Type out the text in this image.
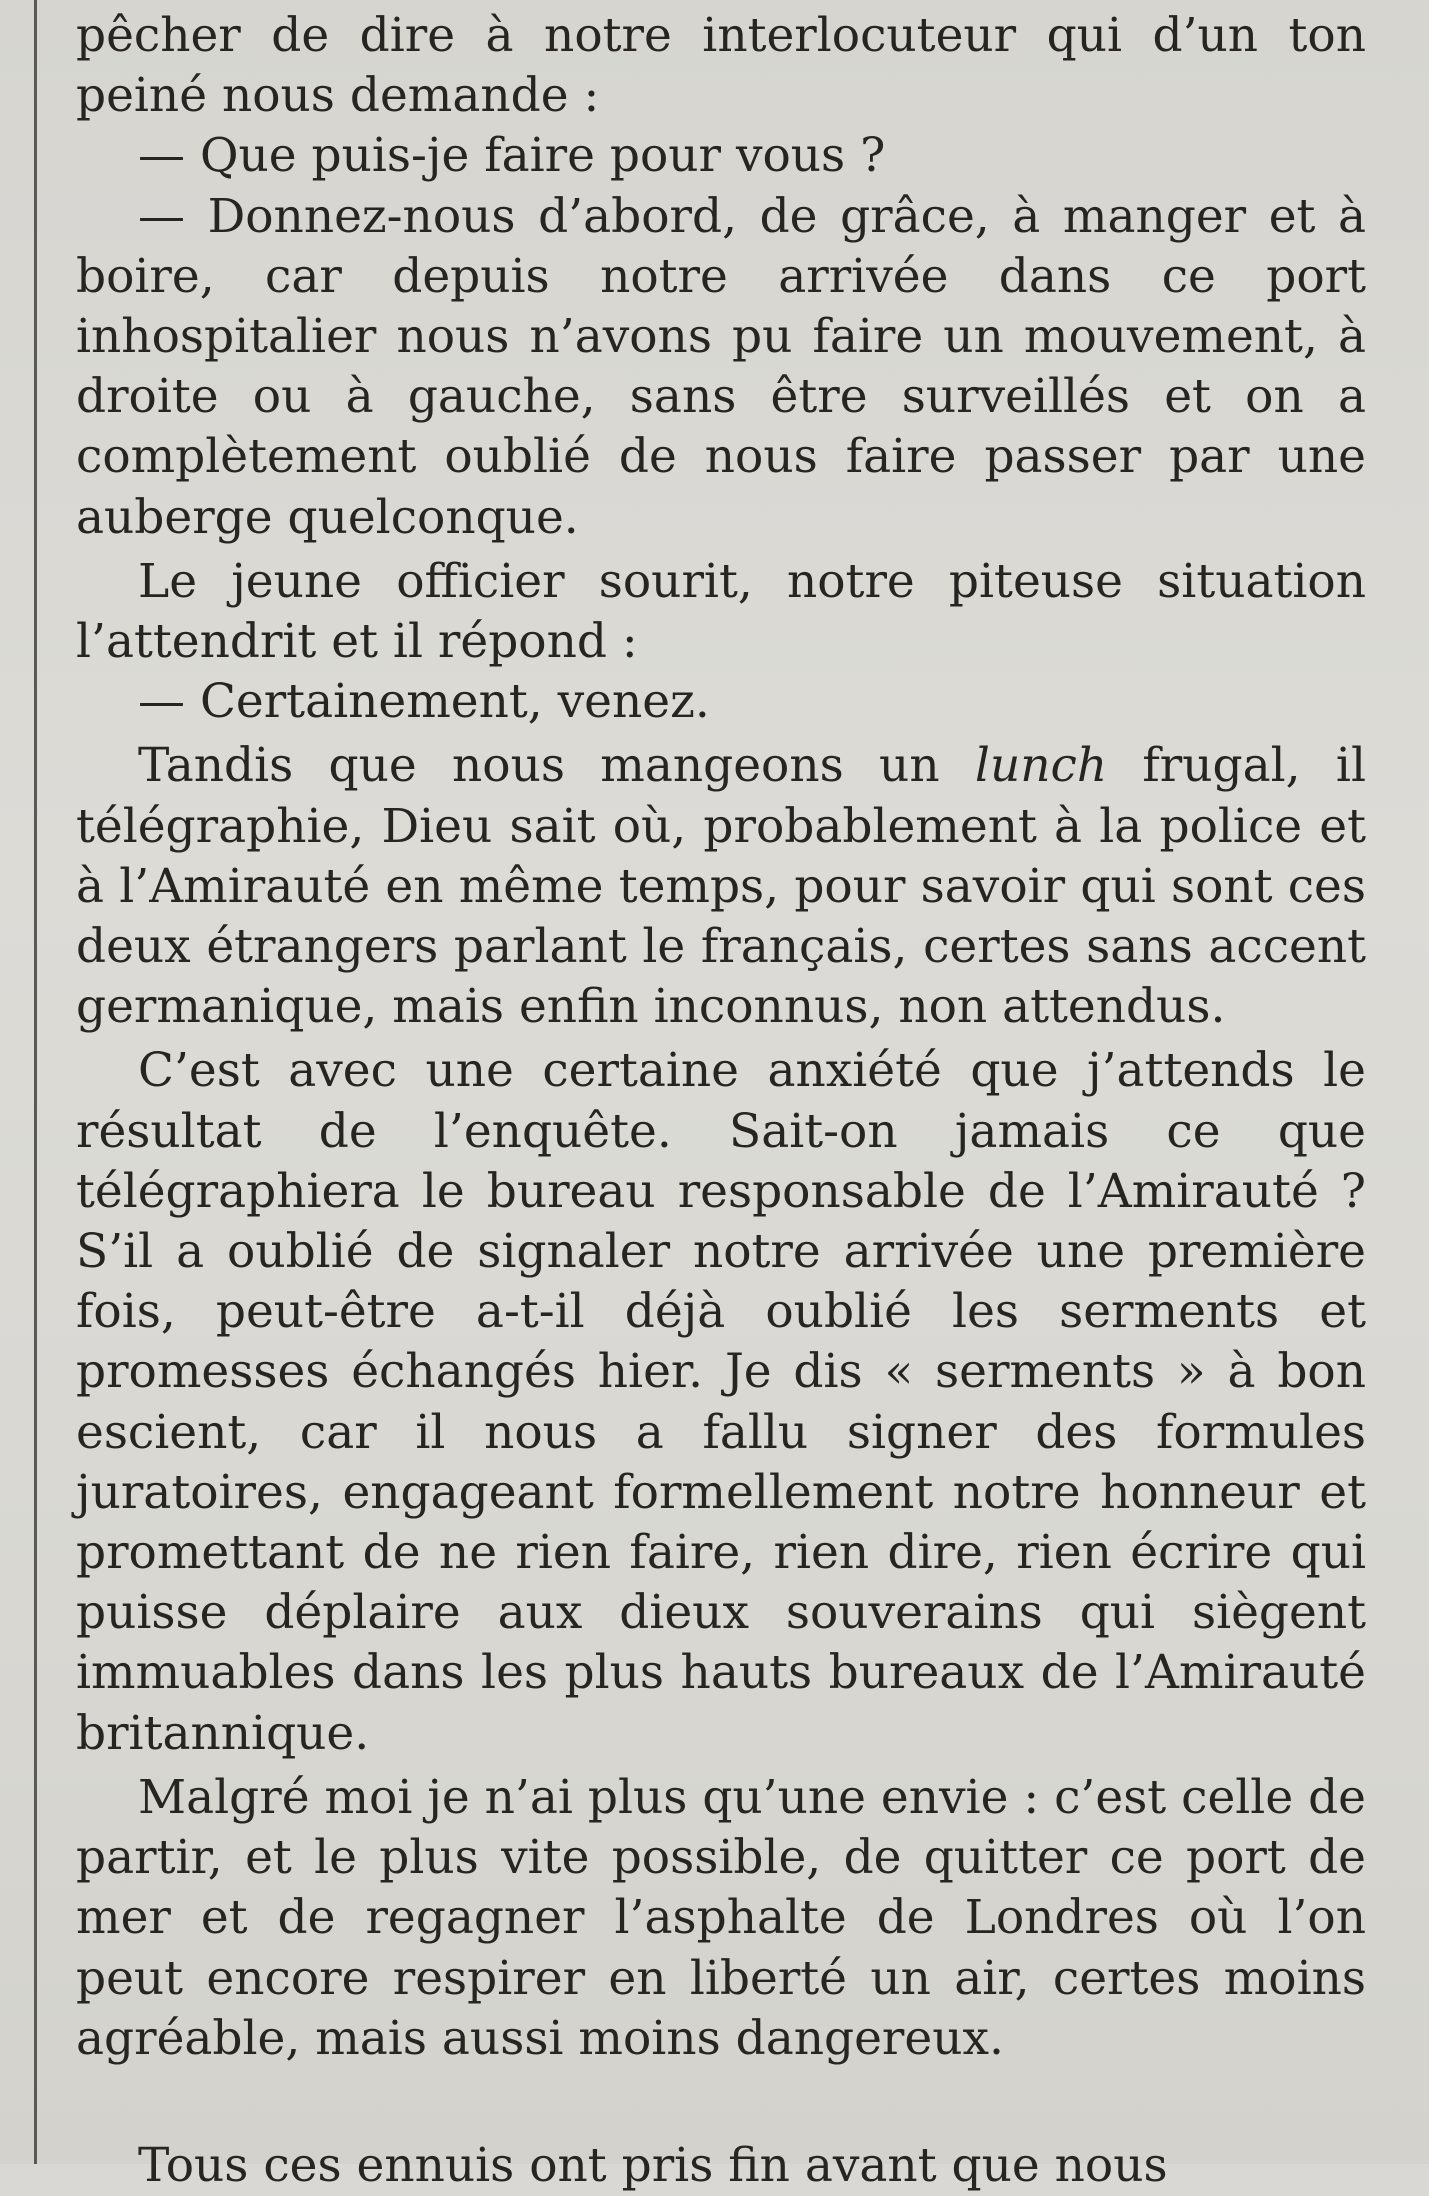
pêcher de dire à notre interlocuteur qui d’un ton peiné nous demande :

— Que puis-je faire pour vous ?

— Donnez-nous d’abord, de grâce, à manger et à boire, car depuis notre arrivée dans ce port inhospitalier nous n’avons pu faire un mouvement, à droite ou à gauche, sans être surveillés et on a complètement oublié de nous faire passer par une auberge quelconque.

Le jeune officier sourit, notre piteuse situation l’attendrit et il répond :

— Certainement, venez.

Tandis que nous mangeons un lunch frugal, il télégraphie, Dieu sait où, probablement à la police et à l’Amirauté en même temps, pour savoir qui sont ces deux étrangers parlant le français, certes sans accent germanique, mais enfin inconnus, non attendus.

C’est avec une certaine anxiété que j’attends le résultat de l’enquête. Sait-on jamais ce que télégraphiera le bureau responsable de l’Amirauté ? S’il a oublié de signaler notre arrivée une première fois, peut-être a-t-il déjà oublié les serments et promesses échangés hier. Je dis « serments » à bon escient, car il nous a fallu signer des formules juratoires, engageant formellement notre honneur et promettant de ne rien faire, rien dire, rien écrire qui puisse déplaire aux dieux souverains qui siègent immuables dans les plus hauts bureaux de l’Amirauté britannique.

Malgré moi je n’ai plus qu’une envie : c’est celle de partir, et le plus vite possible, de quitter ce port de mer et de regagner l’asphalte de Londres où l’on peut encore respirer en liberté un air, certes moins agréable, mais aussi moins dangereux.

Tous ces ennuis ont pris fin avant que nous
